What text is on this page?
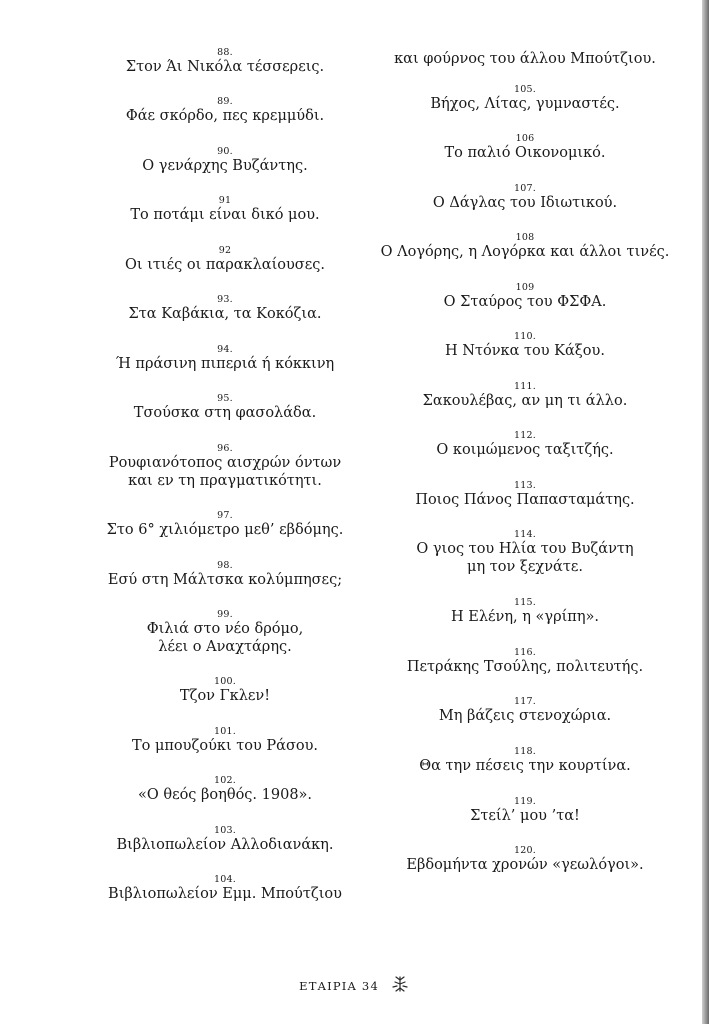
88.
Στον Άι Νικόλα τέσσερεις.
89.
Φάε σκόρδο, πες κρεμμύδι.
90.
Ο γενάρχης Βυζάντης.
91
Το ποτάμι είναι δικό μου.
92
Οι ιτιές οι παρακλαίουσες.
93.
Στα Καβάκια, τα Κοκόζια.
94.
Ή πράσινη πιπεριά ή κόκκινη
95.
Τσούσκα στη φασολάδα.
96.
Ρουφιανότοπος αισχρών όντων
και εν τη πραγματικότητι.
97.
Στο 6° χιλιόμετρο μεθ’ εβδόμης.
98.
Εσύ στη Μάλτσκα κολύμπησες;
99.
Φιλιά στο νέο δρόμο,
λέει ο Αναχτάρης.
100.
Τζον Γκλεν!
101.
Το μπουζούκι του Ράσου.
102.
«Ο θεός βοηθός. 1908».
103.
Βιβλιοπωλείον Αλλοδιανάκη.
104.
Βιβλιοπωλείον Εμμ. Μπούτζιου
και φούρνος του άλλου Μπούτζιου.
105.
Βήχος, Λίτας, γυμναστές.
106
Το παλιό Οικονομικό.
107.
Ο Δάγλας του Ιδιωτικού.
108
Ο Λογόρης, η Λογόρκα και άλλοι τινές.
109
Ο Σταύρος του ΦΣΦΑ.
110.
Η Ντόνκα του Κάξου.
111.
Σακουλέβας, αν μη τι άλλο.
112.
Ο κοιμώμενος ταξιτζής.
113.
Ποιος Πάνος Παπασταμάτης.
114.
Ο γιος του Ηλία του Βυζάντη
μη τον ξεχνάτε.
115.
Η Ελένη, η «γρίπη».
116.
Πετράκης Τσούλης, πολιτευτής.
117.
Μη βάζεις στενοχώρια.
118.
Θα την πέσεις την κουρτίνα.
119.
Στείλ’ μου ’τα!
120.
Εβδομήντα χρονών «γεωλόγοι».
ΕΤΑΙΡΙΑ 34
